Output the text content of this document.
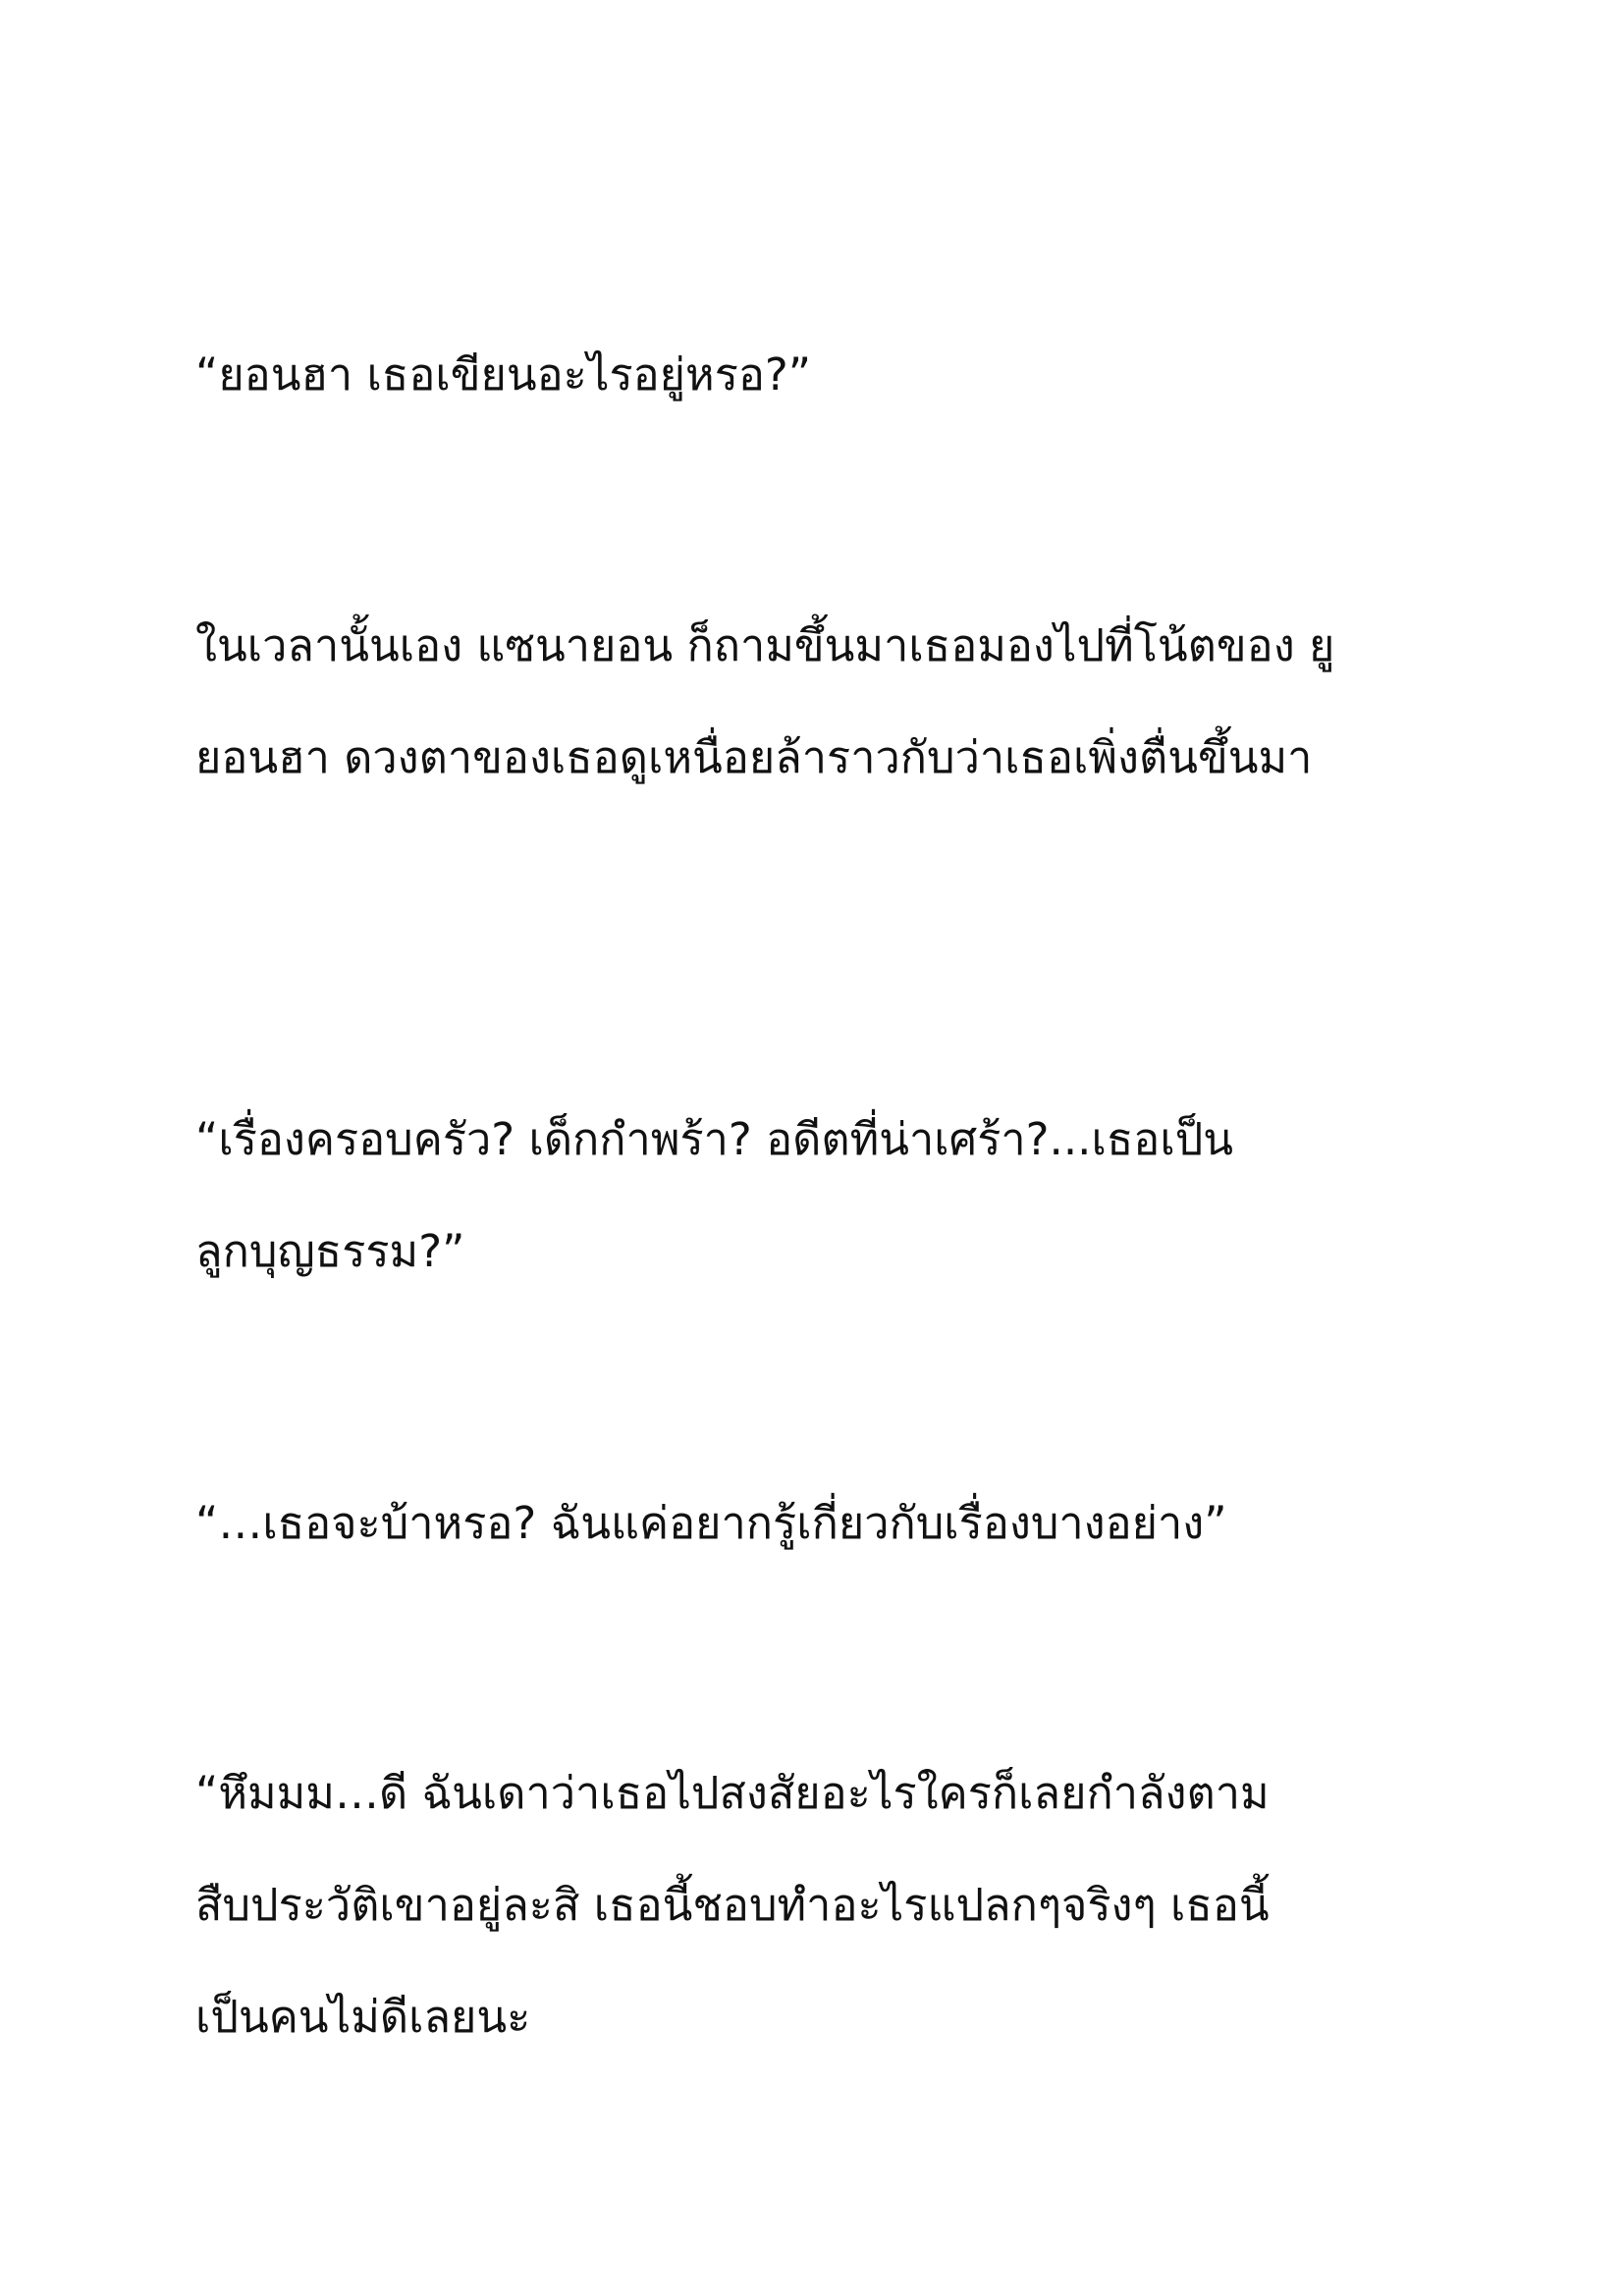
“ยอนฮา เธอเขียนอะไรอยู่หรอ?”

ในเวลานั้นเอง แซนายอน ก็ถามขึ้นมาเธอมองไปที่โน้ตของ ยู

ยอนฮา ดวงตาของเธอดูเหนื่อยล้าราวกับว่าเธอเพิ่งตื่นขึ้นมา

“เรื่องครอบครัว? เด็กกำพร้า? อดีตที่น่าเศร้า?...เธอเป็น

ลูกบุญธรรม?”

“…เธอจะบ้าหรอ? ฉันแค่อยากรู้เกี่ยวกับเรื่องบางอย่าง”

“หึมมม…ดี ฉันเดาว่าเธอไปสงสัยอะไรใครก็เลยกำลังตาม

สืบประวัติเขาอยู่ละสิ เธอนี้ชอบทำอะไรแปลกๆจริงๆ เธอนี้

เป็นคนไม่ดีเลยนะ
